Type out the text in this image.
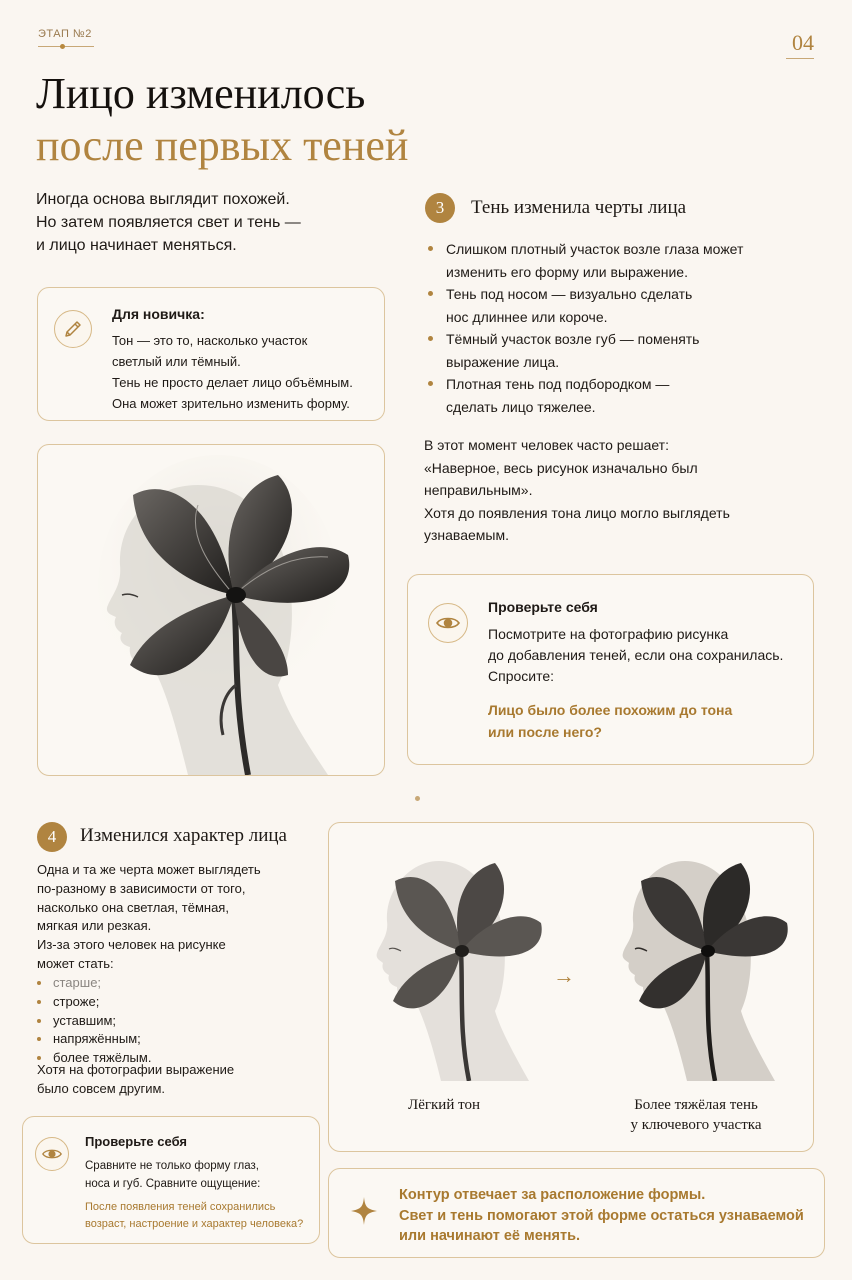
ЭТАП №2	04
Лицо изменилось
после первых теней
Иногда основа выглядит похожей.
Но затем появляется свет и тень —
и лицо начинает меняться.
Для новичка:
Тон — это то, насколько участок
светлый или тёмный.
Тень не просто делает лицо объёмным.
Она может зрительно изменить форму.
3	Тень изменила черты лица
Слишком плотный участок возле глаза может
изменить его форму или выражение.
Тень под носом — визуально сделать
нос длиннее или короче.
Тёмный участок возле губ — поменять
выражение лица.
Плотная тень под подбородком —
сделать лицо тяжелее.
В этот момент человек часто решает:
«Наверное, весь рисунок изначально был
неправильным».
Хотя до появления тона лицо могло выглядеть
узнаваемым.
Проверьте себя
Посмотрите на фотографию рисунка
до добавления теней, если она сохранилась.
Спросите:
Лицо было более похожим до тона
или после него?
4	Изменился характер лица
Одна и та же черта может выглядеть
по-разному в зависимости от того,
насколько она светлая, тёмная,
мягкая или резкая.
Из-за этого человек на рисунке
может стать:
старше;
строже;
уставшим;
напряжённым;
более тяжёлым.
Хотя на фотографии выражение
было совсем другим.
→
Лёгкий тон	Более тяжёлая тень
у ключевого участка
Проверьте себя
Сравните не только форму глаз,
носа и губ. Сравните ощущение:
После появления теней сохранились
возраст, настроение и характер человека?
Контур отвечает за расположение формы.
Свет и тень помогают этой форме остаться узнаваемой
или начинают её менять.
